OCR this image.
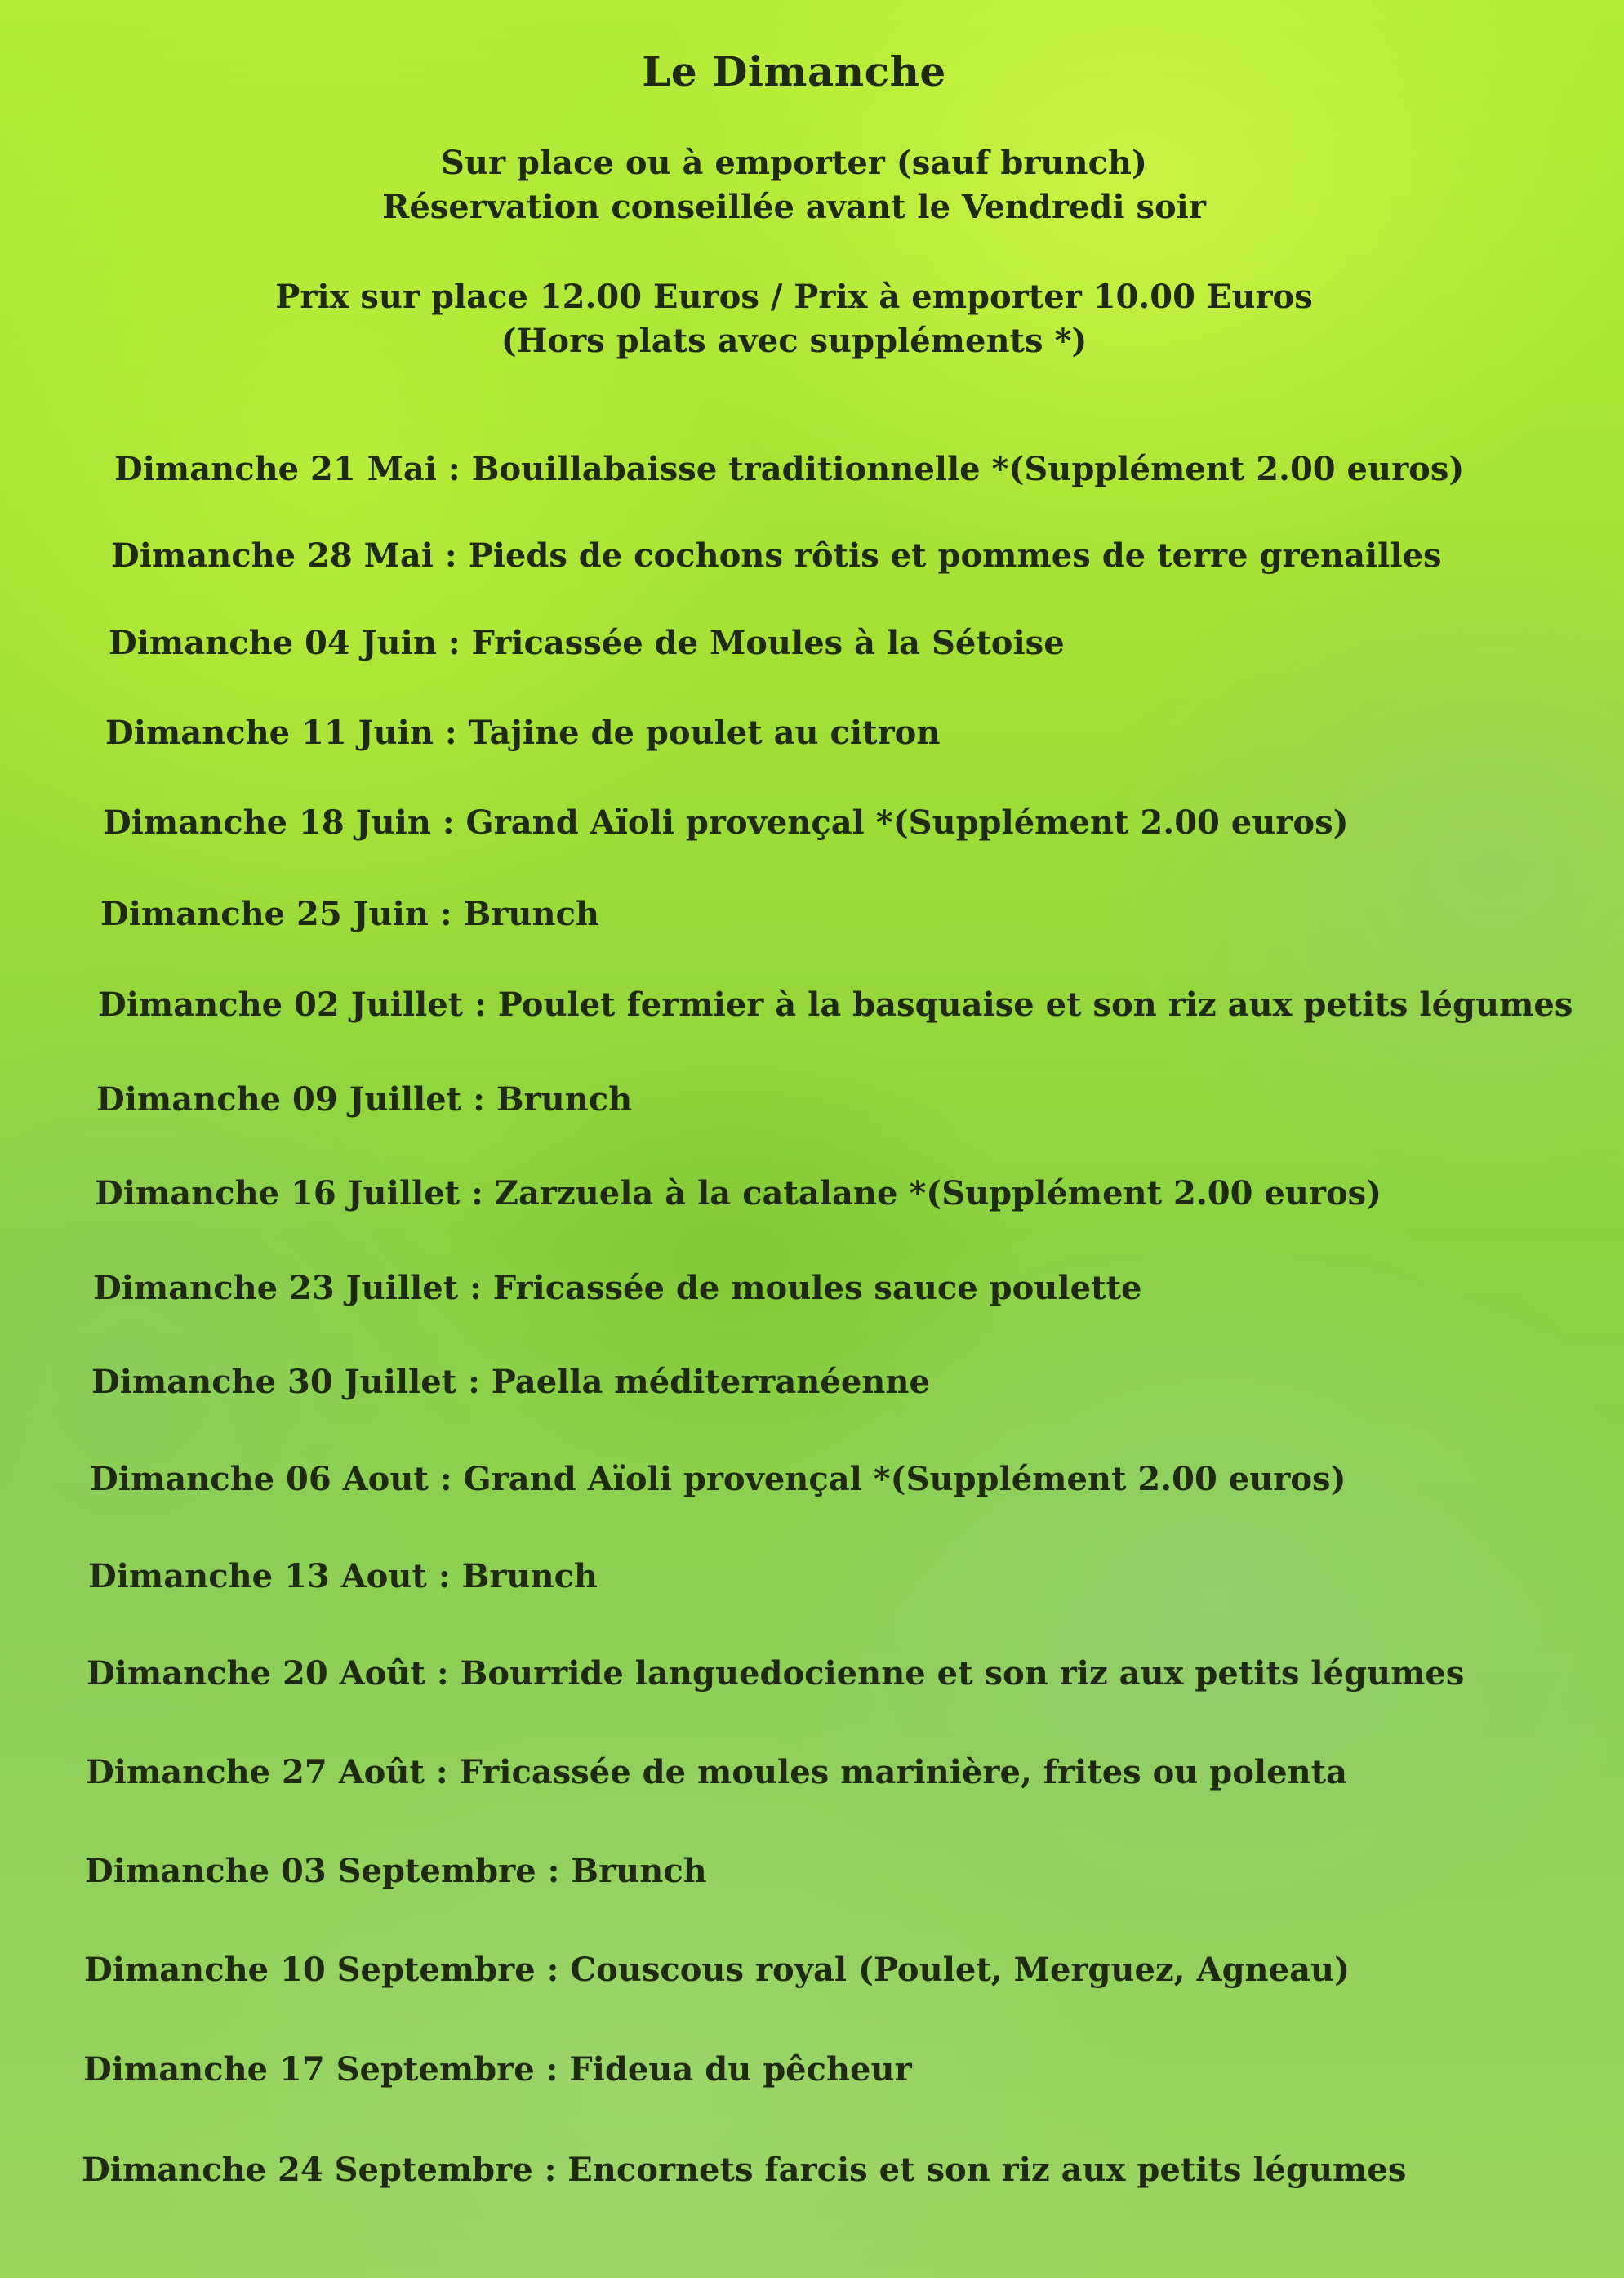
Le Dimanche

Sur place ou à emporter (sauf brunch)

Réservation conseillée avant le Vendredi soir

Prix sur place 12.00 Euros / Prix à emporter 10.00 Euros

(Hors plats avec suppléments *)

Dimanche 21 Mai : Bouillabaisse traditionnelle *(Supplément 2.00 euros)
Dimanche 28 Mai : Pieds de cochons rôtis et pommes de terre grenailles
Dimanche 04 Juin : Fricassée de Moules à la Sétoise
Dimanche 11 Juin : Tajine de poulet au citron
Dimanche 18 Juin : Grand Aïoli provençal *(Supplément 2.00 euros)
Dimanche 25 Juin : Brunch
Dimanche 02 Juillet : Poulet fermier à la basquaise et son riz aux petits légumes
Dimanche 09 Juillet : Brunch
Dimanche 16 Juillet : Zarzuela à la catalane *(Supplément 2.00 euros)
Dimanche 23 Juillet : Fricassée de moules sauce poulette
Dimanche 30 Juillet : Paella méditerranéenne
Dimanche 06 Aout : Grand Aïoli provençal *(Supplément 2.00 euros)
Dimanche 13 Aout : Brunch
Dimanche 20 Août : Bourride languedocienne et son riz aux petits légumes
Dimanche 27 Août : Fricassée de moules marinière, frites ou polenta
Dimanche 03 Septembre : Brunch
Dimanche 10 Septembre : Couscous royal (Poulet, Merguez, Agneau)
Dimanche 17 Septembre : Fideua du pêcheur
Dimanche 24 Septembre : Encornets farcis et son riz aux petits légumes
